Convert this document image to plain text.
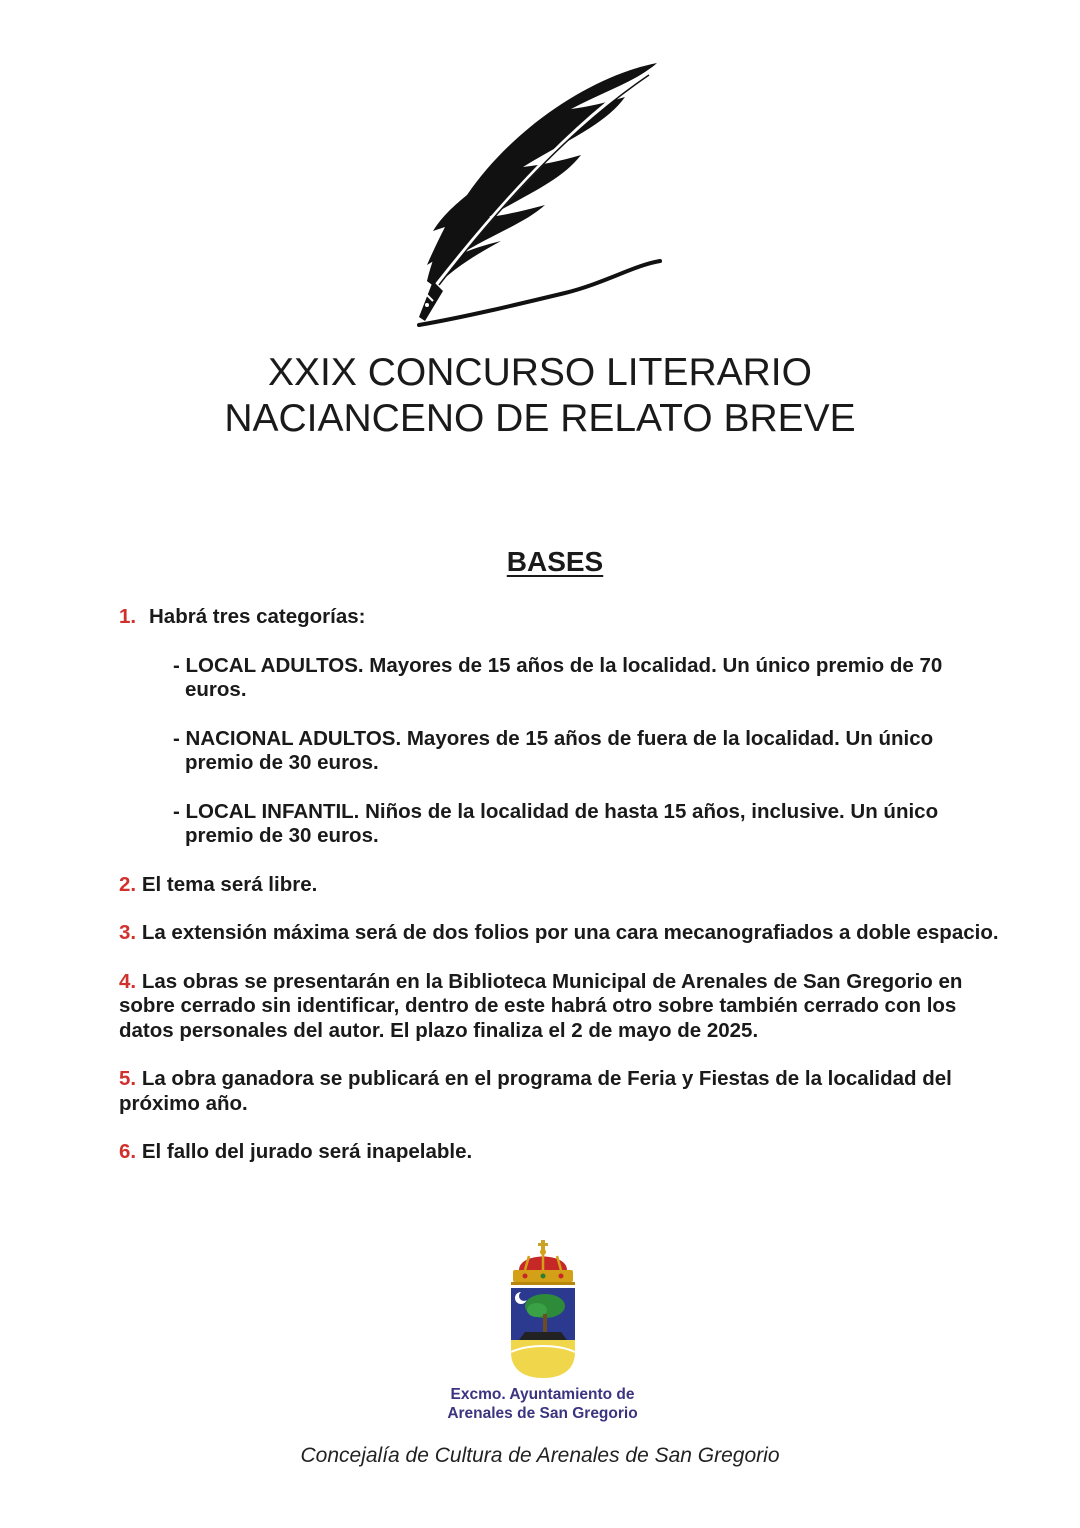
XXIX CONCURSO LITERARIO
NACIANCENO DE RELATO BREVE
BASES
1. Habrá tres categorías:
- LOCAL ADULTOS. Mayores de 15 años de la localidad. Un único premio de 70 euros.
- NACIONAL ADULTOS. Mayores de 15 años de fuera de la localidad. Un único premio de 30 euros.
- LOCAL INFANTIL. Niños de la localidad de hasta 15 años, inclusive. Un único premio de 30 euros.
2. El tema será libre.
3. La extensión máxima será de dos folios por una cara mecanografiados a doble espacio.
4. Las obras se presentarán en la Biblioteca Municipal de Arenales de San Gregorio en sobre cerrado sin identificar, dentro de este habrá otro sobre también cerrado con los datos personales del autor. El plazo finaliza el 2 de mayo de 2025.
5. La obra ganadora se publicará en el programa de Feria y Fiestas de la localidad del próximo año.
6. El fallo del jurado será inapelable.
Excmo. Ayuntamiento de
Arenales de San Gregorio

Concejalía de Cultura de Arenales de San Gregorio
